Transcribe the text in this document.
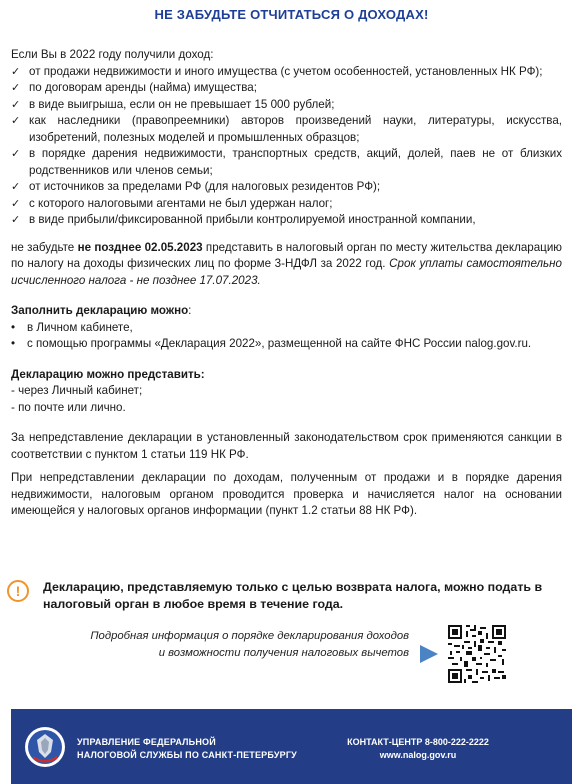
НЕ ЗАБУДЬТЕ ОТЧИТАТЬСЯ О ДОХОДАХ!

Если Вы в 2022 году получили доход:

✓ от продажи недвижимости и иного имущества (с учетом особенностей, установленных НК РФ);
✓ по договорам аренды (найма) имущества;
✓ в виде выигрыша, если он не превышает 15 000 рублей;
✓ как наследники (правопреемники) авторов произведений науки, литературы, искусства, изобретений, полезных моделей и промышленных образцов;
✓ в порядке дарения недвижимости, транспортных средств, акций, долей, паев не от близких родственников или членов семьи;
✓ от источников за пределами РФ (для налоговых резидентов РФ);
✓ с которого налоговыми агентами не был удержан налог;
✓ в виде прибыли/фиксированной прибыли контролируемой иностранной компании,

не забудьте не позднее 02.05.2023 представить в налоговый орган по месту жительства декларацию по налогу на доходы физических лиц по форме 3-НДФЛ за 2022 год. Срок уплаты самостоятельно исчисленного налога - не позднее 17.07.2023.

Заполнить декларацию можно:

•	в Личном кабинете,
•	с помощью программы «Декларация 2022», размещенной на сайте ФНС России nalog.gov.ru.

Декларацию можно представить:

- через Личный кабинет;

- по почте или лично.

За непредставление декларации в установленный законодательством срок применяются санкции в соответствии с пунктом 1 статьи 119 НК РФ.

При непредставлении декларации по доходам, полученным от продажи и в порядке дарения недвижимости, налоговым органом проводится проверка и начисляется налог на основании имеющейся у налоговых органов информации (пункт 1.2 статьи 88 НК РФ).

!	Декларацию, представляемую только с целью возврата налога, можно подать в налоговый орган в любое время в течение года.
Подробная информация о порядке декларирования доходов
и возможности получения налоговых вычетов
УПРАВЛЕНИЕ ФЕДЕРАЛЬНОЙ
НАЛОГОВОЙ СЛУЖБЫ ПО САНКТ-ПЕТЕРБУРГУ
КОНТАКТ-ЦЕНТР 8-800-222-2222
www.nalog.gov.ru
